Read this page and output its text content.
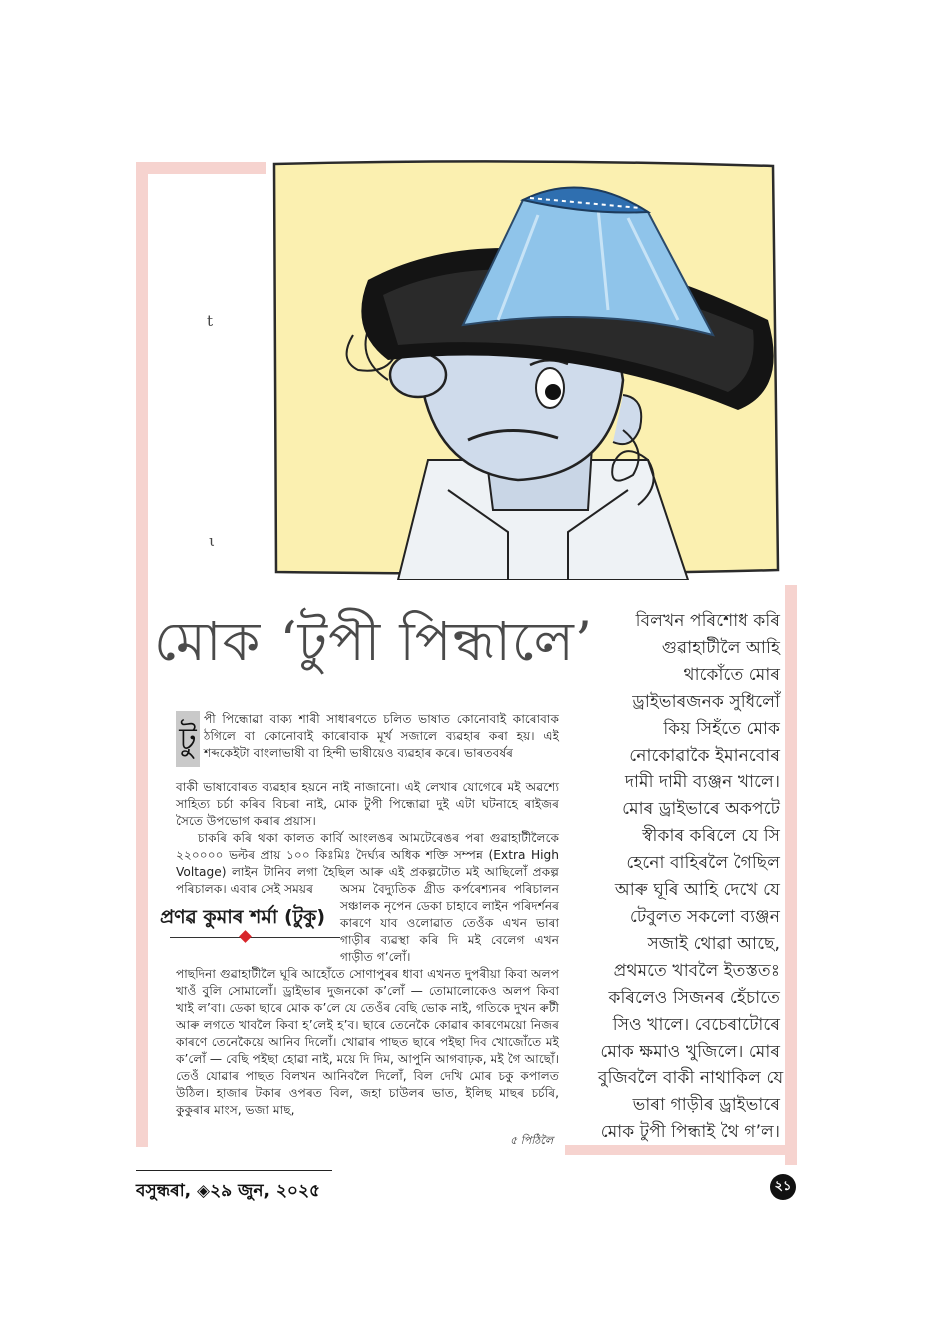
t
ι
মোক ‘টুপী পিন্ধালে’
টু
পী পিন্ধোৱা বাক্য শাৰী সাধাৰণতে চলিত ভাষাত কোনোবাই কাৰোবাক ঠগিলে বা কোনোবাই কাৰোবাক মূৰ্খ সজালে ব্যৱহাৰ কৰা হয়। এই শব্দকেইটা বাংলাভাষী বা হিন্দী ভাষীয়েও ব্যৱহাৰ কৰে। ভাৰতবৰ্ষৰ
বাকী ভাষাবোৰত ব্যৱহাৰ হয়নে নাই নাজানো। এই লেখাৰ যোগেৰে মই অৱশ্যে সাহিত্য চৰ্চা কৰিব বিচৰা নাই, মোক টুপী পিন্ধোৱা দুই এটা ঘটনাহে ৰাইজৰ সৈতে উপভোগ কৰাৰ প্ৰয়াস।
চাকৰি কৰি থকা কালত কাৰ্বি আংলঙৰ আমটেৰেঙৰ পৰা গুৱাহাটীলৈকে ২২০০০০ ভল্টৰ প্ৰায় ১০০ কিঃমিঃ দৈৰ্ঘ্যৰ অধিক শক্তি সম্পন্ন (Extra High Voltage) লাইন টানিব লগা হৈছিল আৰু এই প্ৰকল্পটোত মই আছিলোঁ প্ৰকল্প পৰিচালক। এবাৰ সেই সময়ৰ	অসম বৈদ্যুতিক গ্ৰীড কৰ্পৰেশ্যনৰ পৰিচালন সঞ্চালক নৃপেন ডেকা চাহাবে লাইন পৰিদৰ্শনৰ কাৰণে যাব ওলোৱাত তেওঁক এখন ভাৰা গাড়ীৰ ব্যৱস্থা কৰি দি মই বেলেগ এখন গাড়ীত গ’লোঁ।
পাছদিনা গুৱাহাটীলৈ ঘূৰি আহোঁতে সোণাপুৰৰ ধাবা এখনত দুপৰীয়া কিবা অলপ খাওঁ বুলি সোমালোঁ। ড্ৰাইভাৰ দুজনকো ক’লোঁ — তোমালোকেও অলপ কিবা খাই ল’বা। ডেকা ছাৰে মোক ক’লে যে তেওঁৰ বেছি ভোক নাই, গতিকে দুখন ৰুটী আৰু লগতে খাবলৈ কিবা হ’লেই হ’ব। ছাৰে তেনেকৈ কোৱাৰ কাৰণেময়ো নিজৰ কাৰণে তেনেকৈয়ে আনিব দিলোঁ। খোৱাৰ পাছত ছাৰে পইছা দিব খোজোঁতে মই ক’লোঁ — বেছি পইছা হোৱা নাই, ময়ে দি দিম, আপুনি আগবাঢ়ক, মই গৈ আছোঁ। তেওঁ যোৱাৰ পাছত বিলখন আনিবলৈ দিলোঁ, বিল দেখি মোৰ চকু কপালত উঠিল। হাজাৰ টকাৰ ওপৰত বিল, জহা চাউলৰ ভাত, ইলিছ মাছৰ চৰ্চৰি, কুকুৰাৰ মাংস, ভজা মাছ,
৫ পিঠিলৈ
প্ৰণৱ কুমাৰ শৰ্মা (টুকু)
বিলখন পৰিশোধ কৰি
গুৱাহাটীলৈ আহি
থাকোঁতে মোৰ
ড্ৰাইভাৰজনক সুধিলোঁ
কিয় সিহঁতে মোক
নোকোৱাকৈ ইমানবোৰ
দামী দামী ব্যঞ্জন খালে।
মোৰ ড্ৰাইভাৰে অকপটে
স্বীকাৰ কৰিলে যে সি
হেনো বাহিৰলৈ গৈছিল
আৰু ঘূৰি আহি দেখে যে
টেবুলত সকলো ব্যঞ্জন
সজাই থোৱা আছে,
প্ৰথমতে খাবলৈ ইতস্ততঃ
কৰিলেও সিজনৰ হেঁচাতে
সিও খালে। বেচেৰাটোৰে
মোক ক্ষমাও খুজিলে। মোৰ
বুজিবলৈ বাকী নাথাকিল যে
ভাৰা গাড়ীৰ ড্ৰাইভাৰে
মোক টুপী পিন্ধাই থৈ গ’ল।
বসুন্ধৰা, ◈২৯ জুন, ২০২৫	২১
